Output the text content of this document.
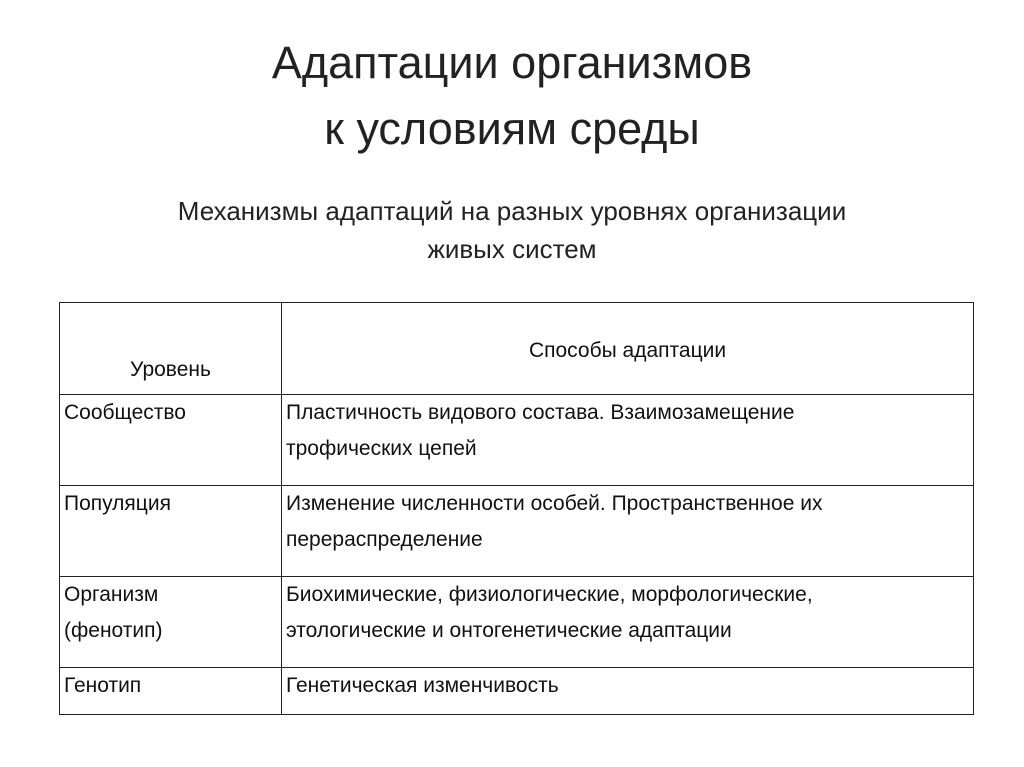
Адаптации организмов
к условиям среды
Механизмы адаптаций на разных уровнях организации
живых систем
Уровень	Способы адаптации

Сообщество	Пластичность видового состава. Взаимозамещение
трофических цепей

Популяция	Изменение численности особей. Пространственное их
перераспределение

Организм
(фенотип)	Биохимические, физиологические, морфологические,
этологические и онтогенетические адаптации

Генотип	Генетическая изменчивость
